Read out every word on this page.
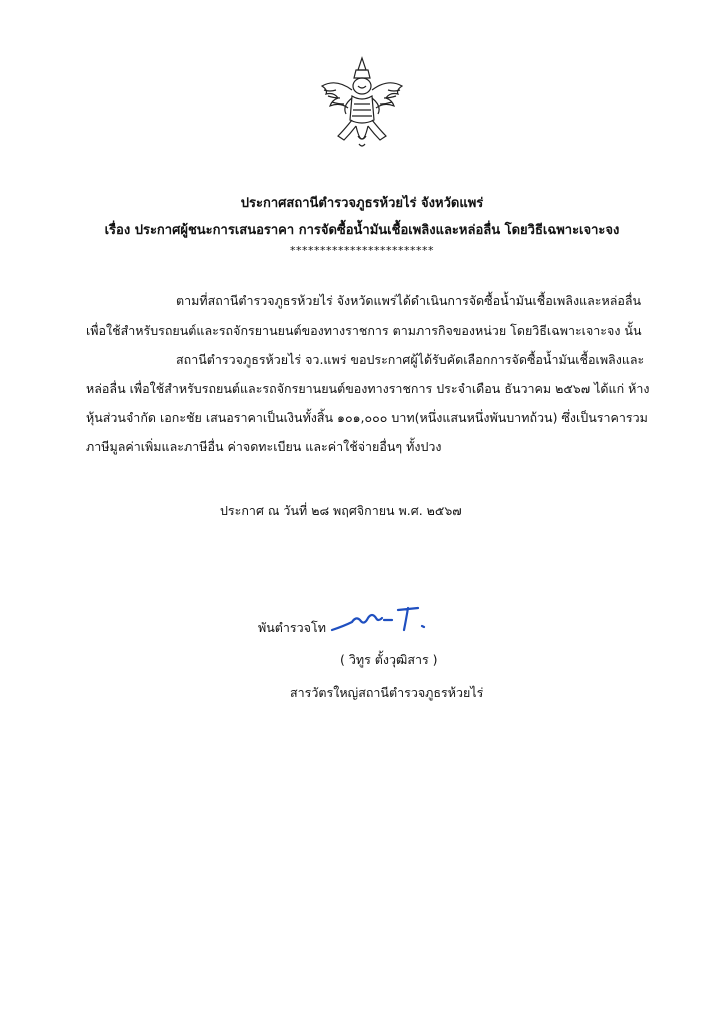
ประกาศสถานีตำรวจภูธรห้วยไร่ จังหวัดแพร่
เรื่อง ประกาศผู้ชนะการเสนอราคา การจัดซื้อน้ำมันเชื้อเพลิงและหล่อลื่น โดยวิธีเฉพาะเจาะจง
************************
ตามที่สถานีตำรวจภูธรห้วยไร่ จังหวัดแพร่ได้ดำเนินการจัดซื้อน้ำมันเชื้อเพลิงและหล่อลื่น
เพื่อใช้สำหรับรถยนต์และรถจักรยานยนต์ของทางราชการ ตามภารกิจของหน่วย โดยวิธีเฉพาะเจาะจง นั้น
สถานีตำรวจภูธรห้วยไร่ จว.แพร่ ขอประกาศผู้ได้รับคัดเลือกการจัดซื้อน้ำมันเชื้อเพลิงและ
หล่อลื่น เพื่อใช้สำหรับรถยนต์และรถจักรยานยนต์ของทางราชการ ประจำเดือน ธันวาคม ๒๕๖๗ ได้แก่ ห้าง
หุ้นส่วนจำกัด เอกะชัย เสนอราคาเป็นเงินทั้งสิ้น ๑๐๑,๐๐๐ บาท(หนึ่งแสนหนึ่งพันบาทถ้วน) ซึ่งเป็นราคารวม
ภาษีมูลค่าเพิ่มและภาษีอื่น ค่าจดทะเบียน และค่าใช้จ่ายอื่นๆ ทั้งปวง
ประกาศ ณ วันที่ ๒๘ พฤศจิกายน พ.ศ. ๒๕๖๗
พันตำรวจโท
( วิทูร ตั้งวุฒิสาร )
สารวัตรใหญ่สถานีตำรวจภูธรห้วยไร่
